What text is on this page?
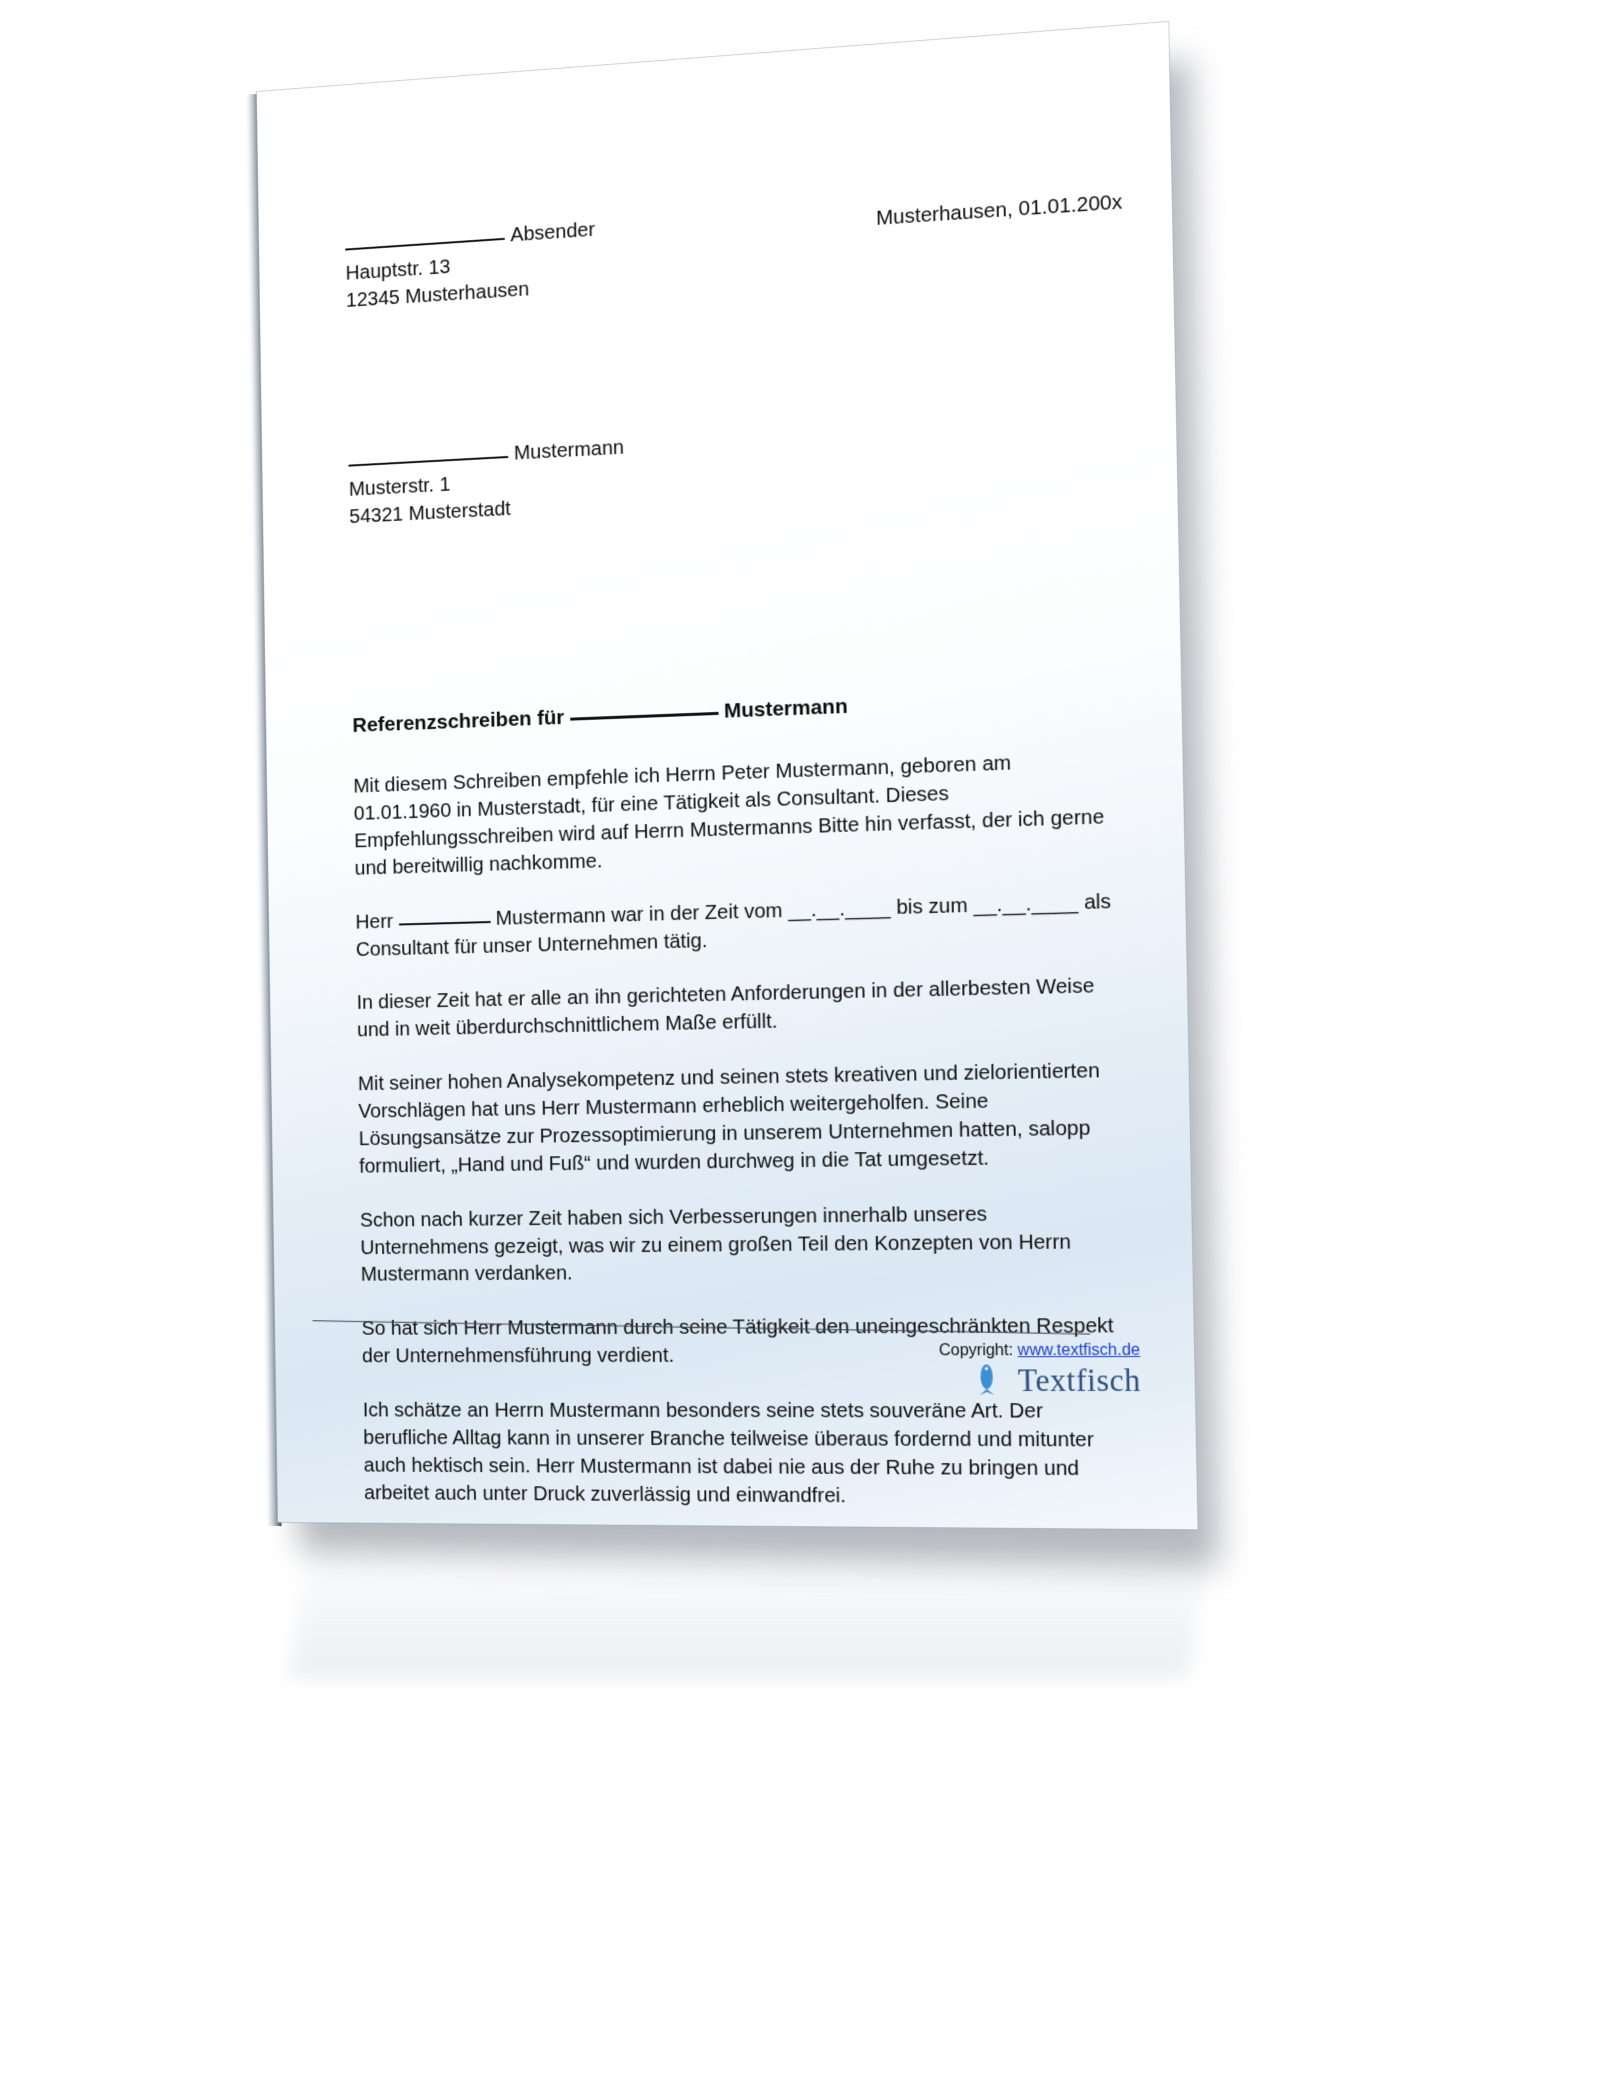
Absender
Hauptstr. 13
12345 Musterhausen
Musterhausen, 01.01.200x
Mustermann
Musterstr. 1
54321 Musterstadt
Referenzschreiben für	Mustermann

Mit diesem Schreiben empfehle ich Herrn Peter Mustermann, geboren am 01.01.1960 in Musterstadt, für eine Tätigkeit als Consultant. Dieses Empfehlungsschreiben wird auf Herrn Mustermanns Bitte hin verfasst, der ich gerne und bereitwillig nachkomme.

Herr	Mustermann war in der Zeit vom __.__.____ bis zum __.__.____ als Consultant für unser Unternehmen tätig.

In dieser Zeit hat er alle an ihn gerichteten Anforderungen in der allerbesten Weise und in weit überdurchschnittlichem Maße erfüllt.

Mit seiner hohen Analysekompetenz und seinen stets kreativen und zielorientierten Vorschlägen hat uns Herr Mustermann erheblich weitergeholfen. Seine Lösungsansätze zur Prozessoptimierung in unserem Unternehmen hatten, salopp formuliert, „Hand und Fuß“ und wurden durchweg in die Tat umgesetzt.

Schon nach kurzer Zeit haben sich Verbesserungen innerhalb unseres Unternehmens gezeigt, was wir zu einem großen Teil den Konzepten von Herrn Mustermann verdanken.

So hat sich Herr Mustermann durch seine Tätigkeit den uneingeschränkten Respekt der Unternehmensführung verdient.

Ich schätze an Herrn Mustermann besonders seine stets souveräne Art. Der berufliche Alltag kann in unserer Branche teilweise überaus fordernd und mitunter auch hektisch sein. Herr Mustermann ist dabei nie aus der Ruhe zu bringen und arbeitet auch unter Druck zuverlässig und einwandfrei.

Copyright: www.textfisch.de
Textfisch
